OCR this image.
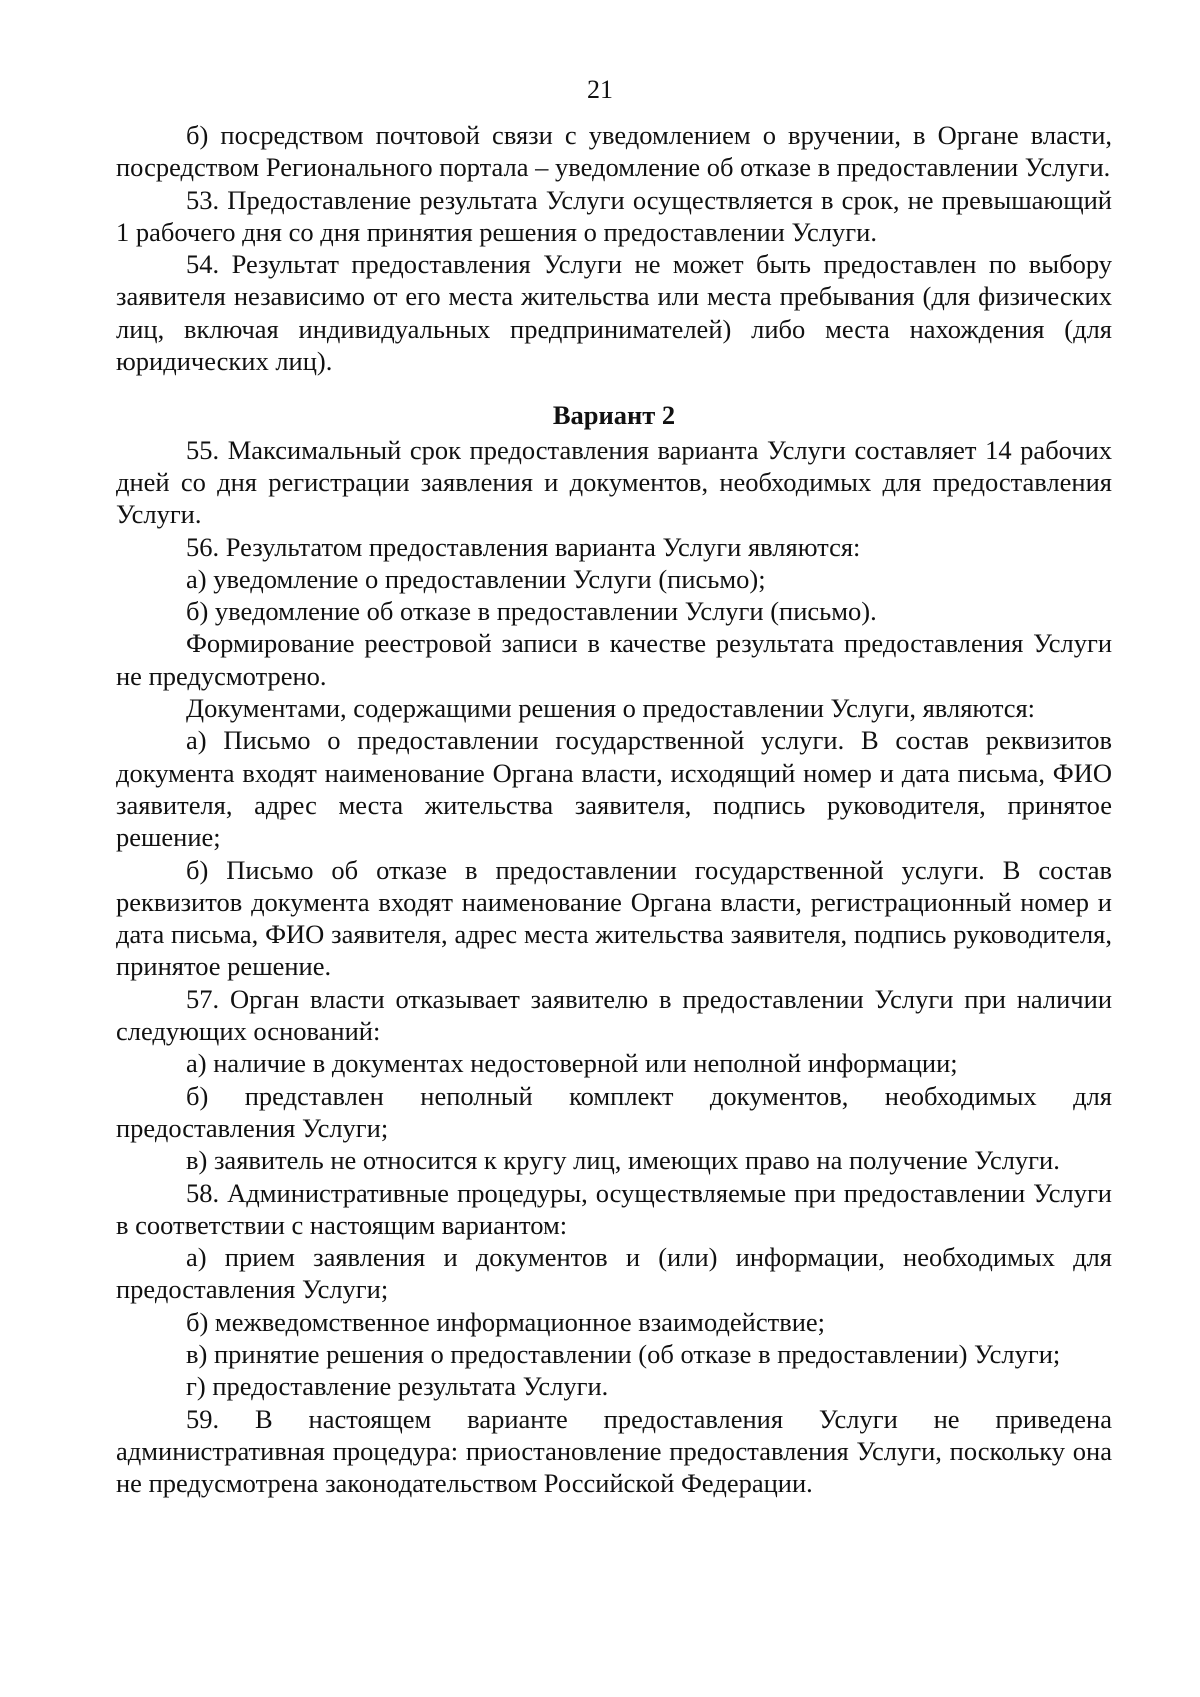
21

б) посредством почтовой связи с уведомлением о вручении, в Органе власти, посредством Регионального портала – уведомление об отказе в предоставлении Услуги.

53. Предоставление результата Услуги осуществляется в срок, не превышающий 1 рабочего дня со дня принятия решения о предоставлении Услуги.

54. Результат предоставления Услуги не может быть предоставлен по выбору заявителя независимо от его места жительства или места пребывания (для физических лиц, включая индивидуальных предпринимателей) либо места нахождения (для юридических лиц).

Вариант 2

55. Максимальный срок предоставления варианта Услуги составляет 14 рабочих дней со дня регистрации заявления и документов, необходимых для предоставления Услуги.

56. Результатом предоставления варианта Услуги являются:

а) уведомление о предоставлении Услуги (письмо);

б) уведомление об отказе в предоставлении Услуги (письмо).

Формирование реестровой записи в качестве результата предоставления Услуги не предусмотрено.

Документами, содержащими решения о предоставлении Услуги, являются:

а) Письмо о предоставлении государственной услуги. В состав реквизитов документа входят наименование Органа власти, исходящий номер и дата письма, ФИО заявителя, адрес места жительства заявителя, подпись руководителя, принятое решение;

б) Письмо об отказе в предоставлении государственной услуги. В состав реквизитов документа входят наименование Органа власти, регистрационный номер и дата письма, ФИО заявителя, адрес места жительства заявителя, подпись руководителя, принятое решение.

57. Орган власти отказывает заявителю в предоставлении Услуги при наличии следующих оснований:

а) наличие в документах недостоверной или неполной информации;

б) представлен неполный комплект документов, необходимых для предоставления Услуги;

в) заявитель не относится к кругу лиц, имеющих право на получение Услуги.

58. Административные процедуры, осуществляемые при предоставлении Услуги в соответствии с настоящим вариантом:

а) прием заявления и документов и (или) информации, необходимых для предоставления Услуги;

б) межведомственное информационное взаимодействие;

в) принятие решения о предоставлении (об отказе в предоставлении) Услуги;

г) предоставление результата Услуги.

59. В настоящем варианте предоставления Услуги не приведена административная процедура: приостановление предоставления Услуги, поскольку она не предусмотрена законодательством Российской Федерации.
